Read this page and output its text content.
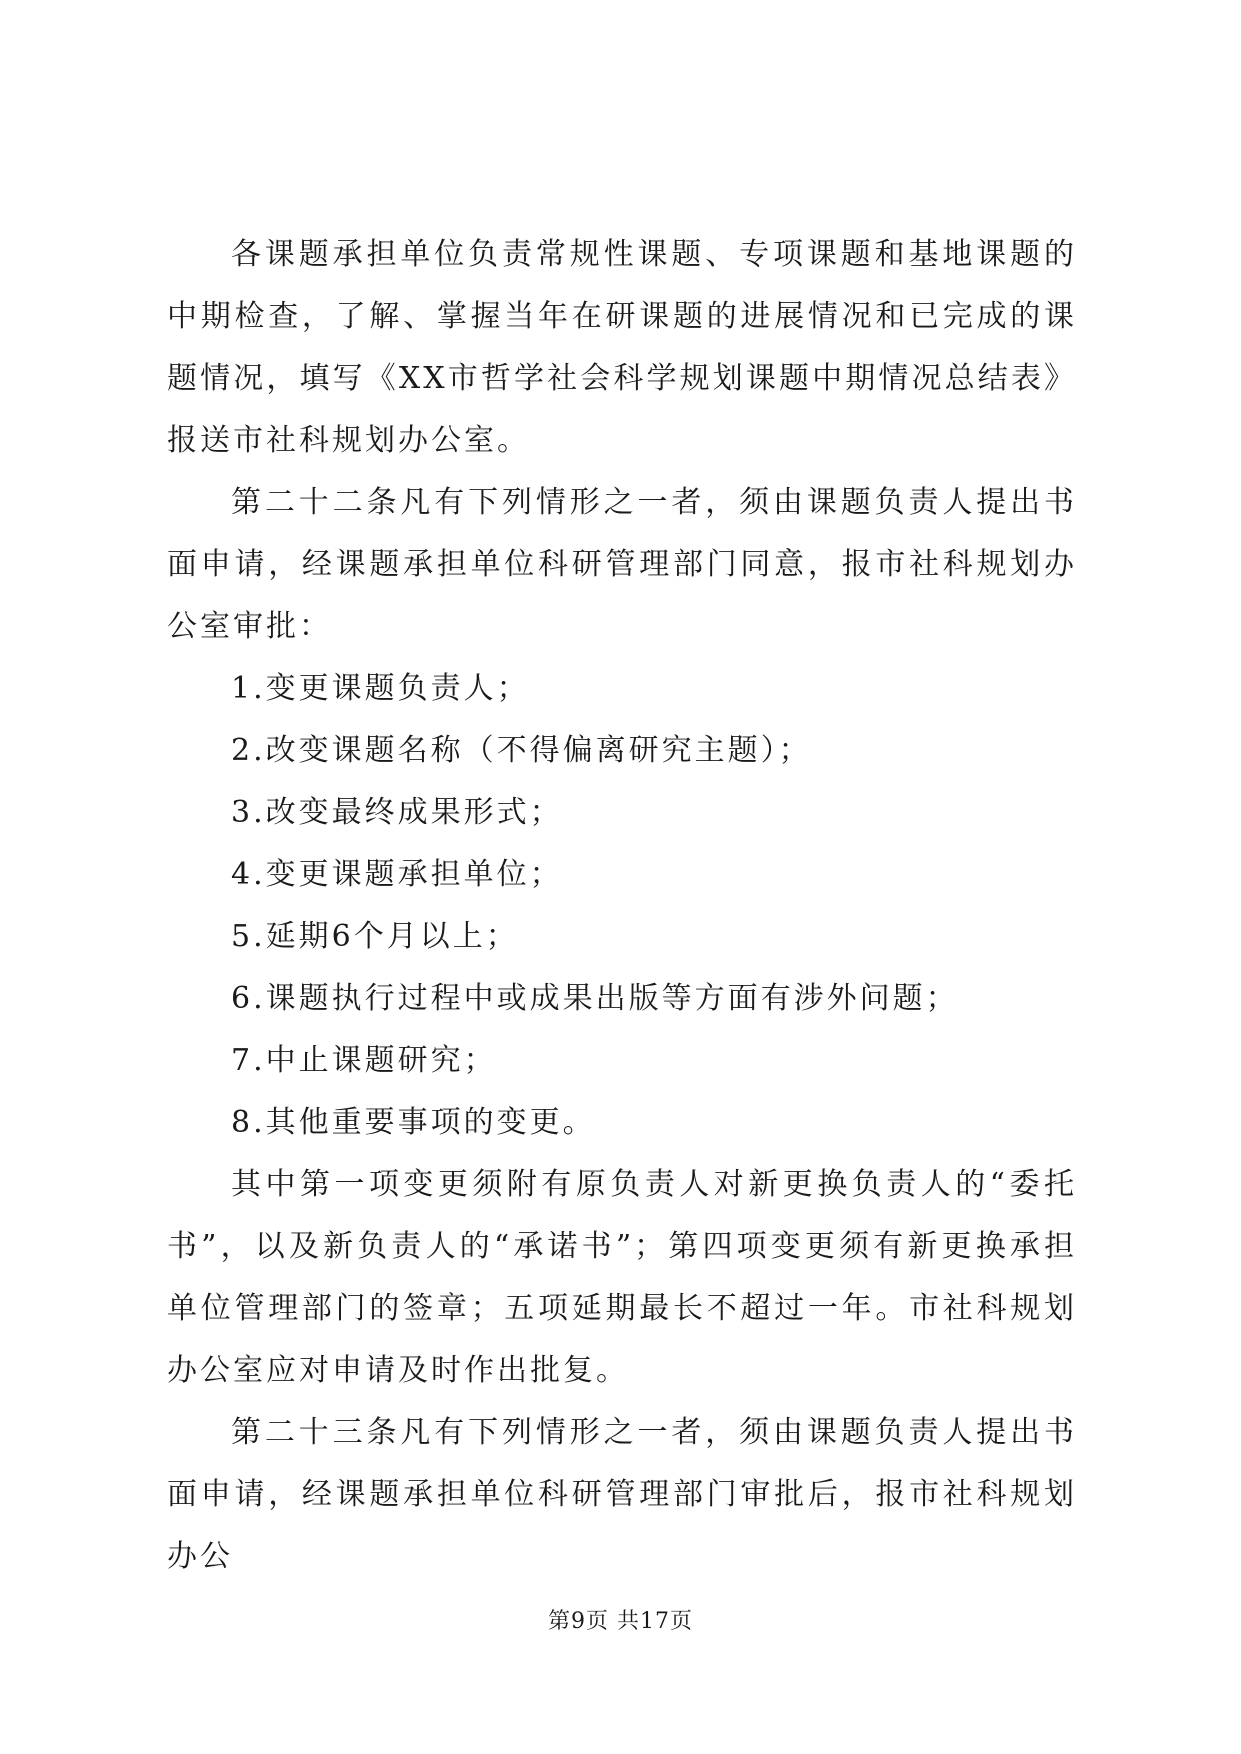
各课题承担单位负责常规性课题、专项课题和基地课题的中期检查，了解、掌握当年在研课题的进展情况和已完成的课题情况，填写《XX市哲学社会科学规划课题中期情况总结表》报送市社科规划办公室。

第二十二条凡有下列情形之一者，须由课题负责人提出书面申请，经课题承担单位科研管理部门同意，报市社科规划办公室审批：

1.变更课题负责人；

2.改变课题名称（不得偏离研究主题）；

3.改变最终成果形式；

4.变更课题承担单位；

5.延期6个月以上；

6.课题执行过程中或成果出版等方面有涉外问题；

7.中止课题研究；

8.其他重要事项的变更。

其中第一项变更须附有原负责人对新更换负责人的“委托书”，以及新负责人的“承诺书”；第四项变更须有新更换承担单位管理部门的签章；五项延期最长不超过一年。市社科规划办公室应对申请及时作出批复。

第二十三条凡有下列情形之一者，须由课题负责人提出书面申请，经课题承担单位科研管理部门审批后，报市社科规划办公

第9页 共17页
